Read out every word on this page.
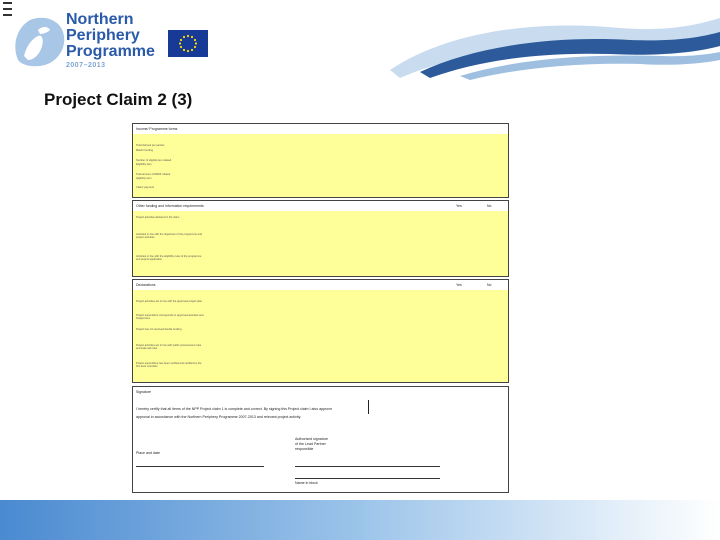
Northern
Periphery
Programme
2007–2013
Project Claim 2 (3)
Income/ Programme forms
Total claimed per partner
Match/ funding
Number of eligible item related
Eligibility item
Total amount of ERDF related
eligibility item
Claim/ payment
Other funding and information requirements	Yes	No
Project activities declared in the claim
Activities in line with the objectives of the programme and project activities
Activities in line with the eligibility rules of the programme and project application
Declarations	Yes	No
Project activities are in line with the approved project plan
Project expenditure corresponds to approved activities and budget lines
Project has not received double funding
Project activities are in line with public procurement rules and state aid rules
Project expenditure has been verified and certified by the first level controller
Signature
I hereby certify that all items of the NPP Project claim 1 is complete and correct. By signing this Project claim I also approve
approval in accordance with the Northern Periphery Programme 2007-2013 and relevant project activity.
Place and date
Authorised signature
of the Lead Partner
responsible
Name in block
